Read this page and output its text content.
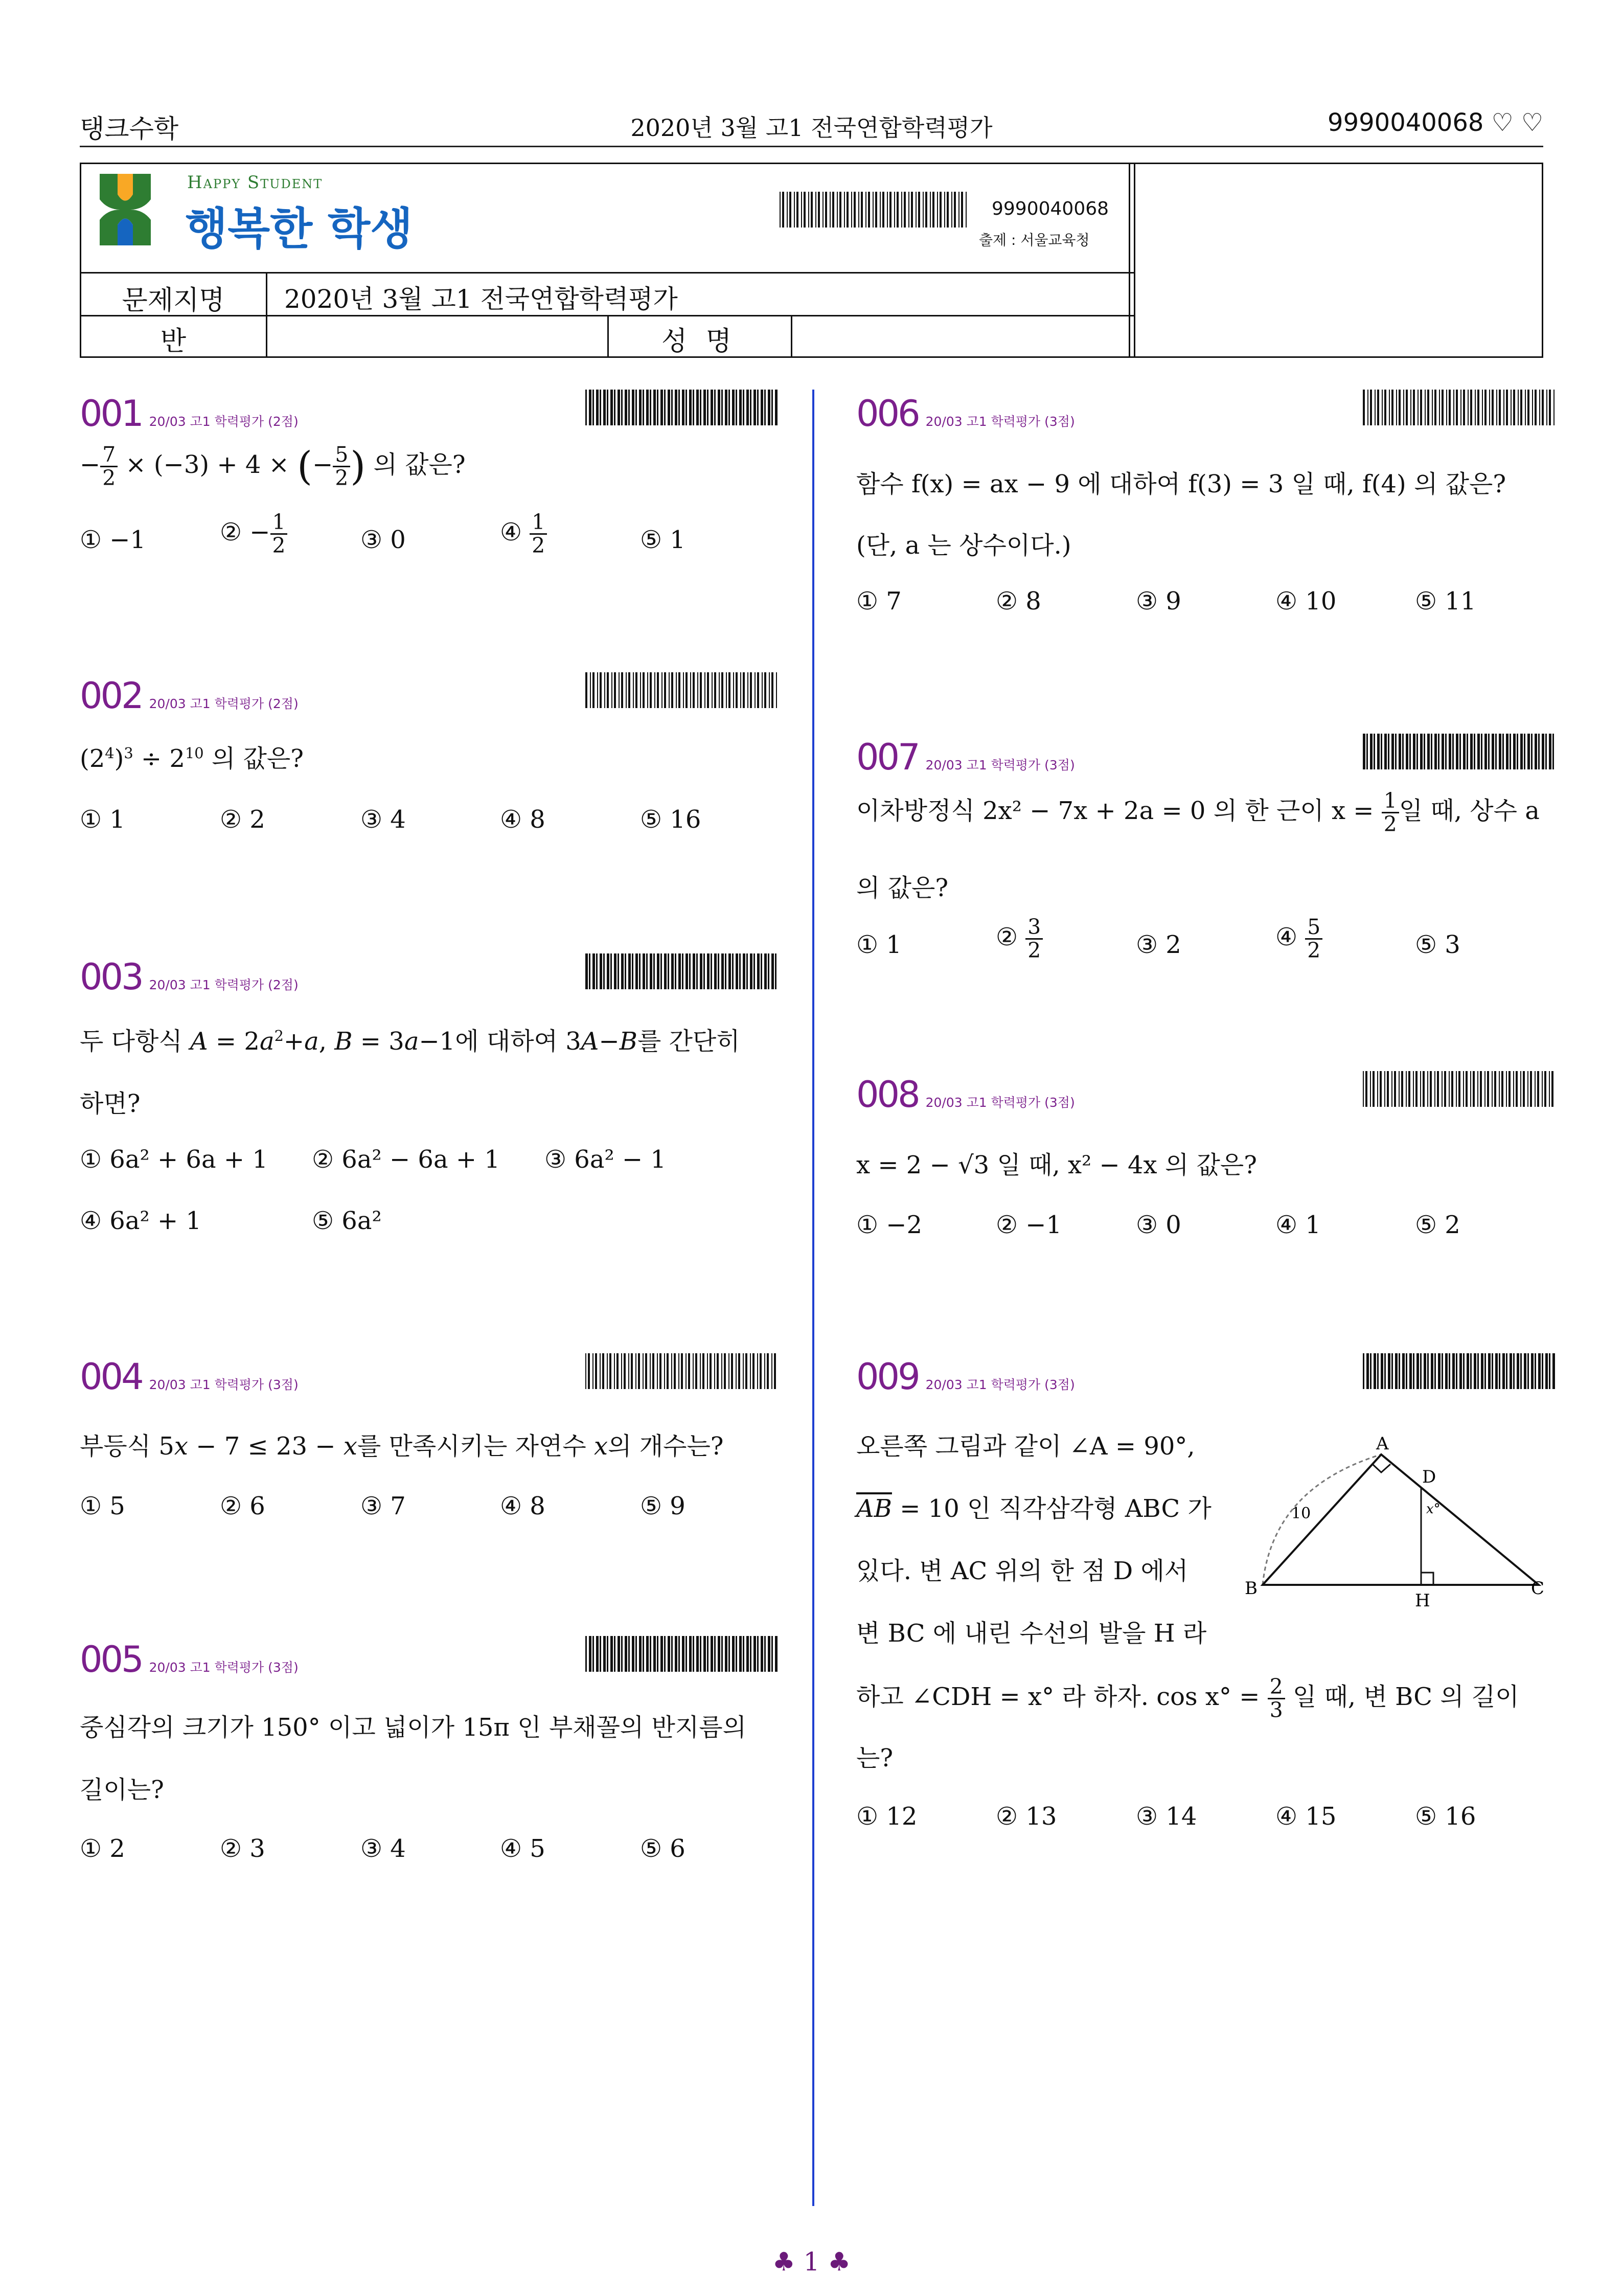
탱크수학	2020년 3월 고1 전국연합학력평가	9990040068 ♡ ♡
Happy Student
행복한 학생	9990040068
출제 : 서울교육청
문제지명	2020년 3월 고1 전국연합학력평가
반	성 명
001 20/03 고1 학력평가 (2점)
− $\frac{7}{2} \times (-3) + 4$ × (− $\frac{5}{2}$ ) 의 값은?
① −1	② − $\frac{1}{2}$	③ 0	④ $\frac{1}{2}$	⑤ 1
002 20/03 고1 학력평가 (2점)
$(2^4)^3 \div 2^{10}$ 의 값은?
① 1	② 2	③ 4	④ 8	⑤ 16
003 20/03 고1 학력평가 (2점)
두 다항식 $A = 2a^2+a$, B = 3a−1에 대하여 3A−B를 간단히
하면?
① 6a² + 6a + 1 ② 6a² − 6a + 1 ③ 6a² − 1
④ 6a² + 1	⑤ 6a²
004 20/03 고1 학력평가 (3점)
부등식 5x − 7 ≤ 23 − x를 만족시키는 자연수 x의 개수는?
① 5	② 6	③ 7	④ 8	⑤ 9
005 20/03 고1 학력평가 (3점)
중심각의 크기가 150° 이고 넓이가 15π 인 부채꼴의 반지름의
길이는?
① 2	② 3	③ 4	④ 5	⑤ 6
006 20/03 고1 학력평가 (3점)
함수 f(x) = ax − 9 에 대하여 f(3) = 3 일 때, f(4) 의 값은?
(단, a 는 상수이다.)
① 7	② 8	③ 9	④ 10	⑤ 11
007 20/03 고1 학력평가 (3점)
이차방정식 2x² − 7x + 2a = 0 의 한 근이 $x = \frac{1}{2}$ 일 때, 상수 a
의 값은?
① 1	② $\frac{3}{2}$	③ 2	④ $\frac{5}{2}$	⑤ 3
008 20/03 고1 학력평가 (3점)
x = 2 − √3 일 때, x² − 4x 의 값은?
① −2	② −1	③ 0	④ 1	⑤ 2
009 20/03 고1 학력평가 (3점)
오른쪽 그림과 같이 ∠A = 90°,
$\overline{AB} = 10$ 인 직각삼각형 ABC 가
있다. 변 AC 위의 한 점 D 에서
변 BC 에 내린 수선의 발을 H 라
하고 ∠CDH = x° 라 하자. $\cos x^\circ = \frac{2}{3}$ 일 때, 변 BC 의 길이
는?
A
B	C
D
H
10	x°
① 12	② 13	③ 14	④ 15	⑤ 16
♣ 1 ♣
